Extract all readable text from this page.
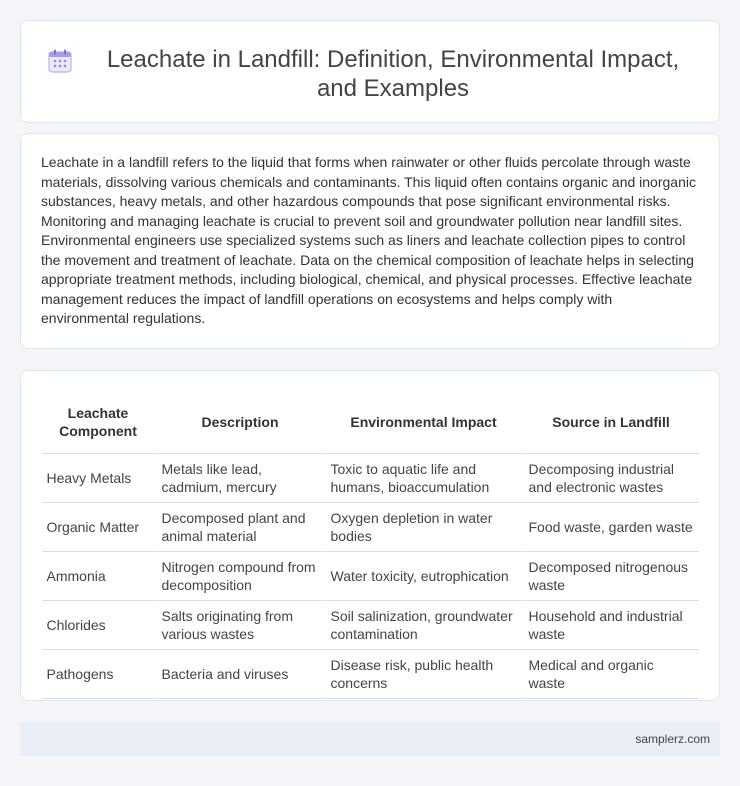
Leachate in Landfill: Definition, Environmental Impact, and Examples

Leachate in a landfill refers to the liquid that forms when rainwater or other fluids percolate through waste materials, dissolving various chemicals and contaminants. This liquid often contains organic and inorganic substances, heavy metals, and other hazardous compounds that pose significant environmental risks. Monitoring and managing leachate is crucial to prevent soil and groundwater pollution near landfill sites. Environmental engineers use specialized systems such as liners and leachate collection pipes to control the movement and treatment of leachate. Data on the chemical composition of leachate helps in selecting appropriate treatment methods, including biological, chemical, and physical processes. Effective leachate management reduces the impact of landfill operations on ecosystems and helps comply with environmental regulations.

Leachate Component	Description	Environmental Impact	Source in Landfill
Heavy Metals	Metals like lead, cadmium, mercury	Toxic to aquatic life and humans, bioaccumulation	Decomposing industrial and electronic wastes
Organic Matter	Decomposed plant and animal material	Oxygen depletion in water bodies	Food waste, garden waste
Ammonia	Nitrogen compound from decomposition	Water toxicity, eutrophication	Decomposed nitrogenous waste
Chlorides	Salts originating from various wastes	Soil salinization, groundwater contamination	Household and industrial waste
Pathogens	Bacteria and viruses	Disease risk, public health concerns	Medical and organic waste
samplerz.com
